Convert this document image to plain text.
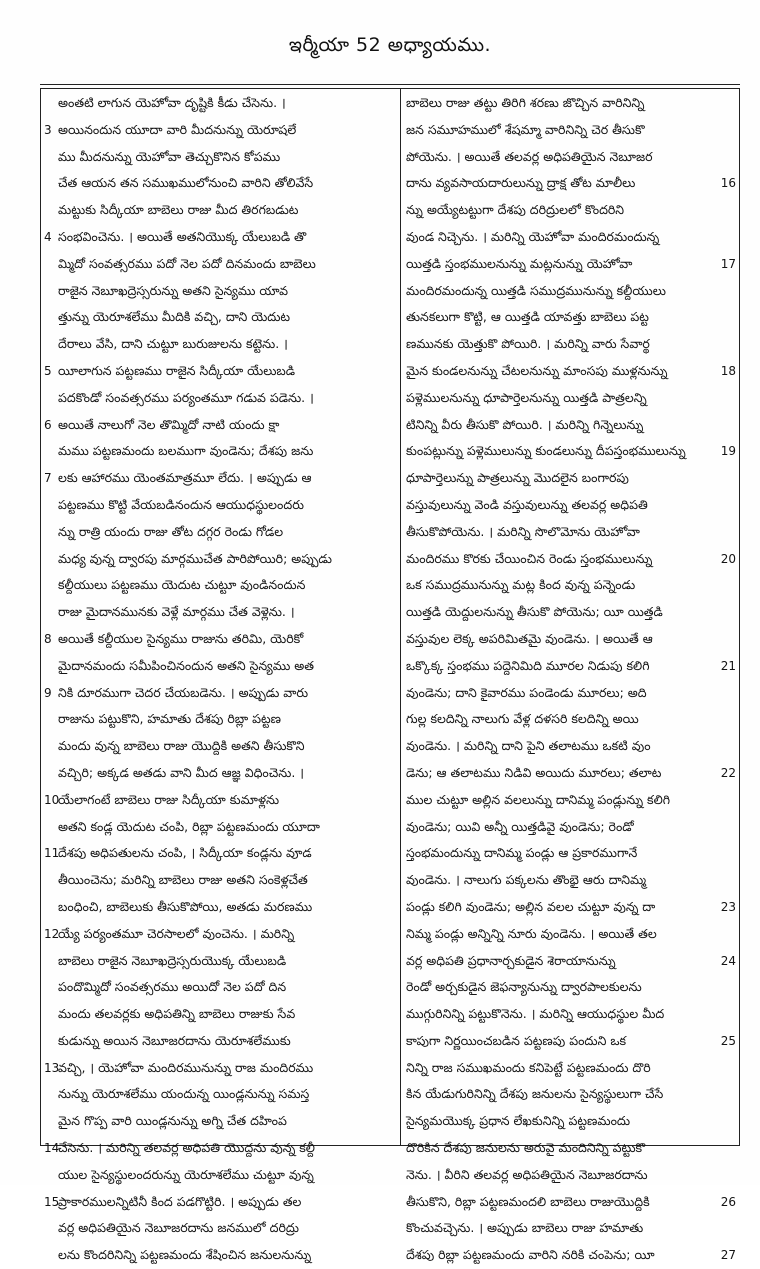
ఇర్మీయా 52 అధ్యాయము.
అంతటి లాగున యెహోవా దృష్టికి కీడు చేసెను. ।
3 అయినందున యూదా వారి మీదనున్ను యెరూషలే
ము మీదనున్ను యెహోవా తెచ్చుకొనిన కోపము
చేత ఆయన తన సముఖములోనుంచి వారిని తోలివేసే
మట్టుకు సిద్కీయా బాబెలు రాజు మీద తిరగబడుట
4 సంభవించెను. । అయితే అతనియొక్క యేలుబడి తొ
మ్మిదో సంవత్సరము పదో నెల పదో దినమందు బాబెలు
రాజైన నెబూఖద్రెస్సరున్ను అతని సైన్యము యావ
త్తున్ను యెరూశలేము మీదికి వచ్చి, దాని యెదుట
దేరాలు వేసి, దాని చుట్టూ బురుజులను కట్టెను. ।
5 యీలాగున పట్టణము రాజైన సిద్కీయా యేలుబడి
పదకొండో సంవత్సరము పర్యంతమూ గడువ పడెను. ।
6 అయితే నాలుగో నెల తొమ్మిదో నాటి యందు క్షా
మము పట్టణమందు బలముగా వుండెను; దేశపు జను
7 లకు ఆహారము యెంతమాత్రమూ లేదు. । అప్పుడు ఆ
పట్టణము కొట్టి వేయబడినందున ఆయుధస్థులందరు
న్ను రాత్రి యందు రాజు తోట దగ్గర రెండు గోడల
మధ్య వున్న ద్వారపు మార్గముచేత పారిపోయిరి; అప్పుడు
కల్దీయులు పట్టణము యెదుట చుట్టూ వుండినందున
రాజు మైదానమునకు వెళ్లే మార్గము చేత వెళ్లెను. ।
8 అయితే కల్దీయుల సైన్యము రాజును తరిమి, యెరికో
మైదానమందు సమీపించినందున అతని సైన్యము అత
9 నికి దూరముగా చెదర చేయబడెను. । అప్పుడు వారు
రాజును పట్టుకొని, హమాతు దేశపు రిబ్లా పట్టణ
మందు వున్న బాబెలు రాజు యొద్దికి అతని తీసుకొని
వచ్చిరి; అక్కడ అతడు వాని మీద ఆజ్ఞ విధించెను. ।
10
యేలాగంటే బాబెలు రాజు సిద్కీయా కుమాళ్లను
అతని కండ్ల యెదుట చంపి, రిబ్లా పట్టణమందు యూదా
11
దేశపు అధిపతులను చంపి, । సిద్కీయా కండ్లను వూడ
తీయించెను; మరిన్ని బాబెలు రాజు అతని సంకెళ్లచేత
బంధించి, బాబెలుకు తీసుకొపోయి, అతడు మరణము
12
య్యే పర్యంతమూ చెరసాలలో వుంచెను. । మరిన్ని
బాబెలు రాజైన నెబూఖద్రెస్సరుయొక్క యేలుబడి
పందొమ్మిదో సంవత్సరము అయిదో నెల పదో దిన
మందు తలవర్లకు అధిపతిన్ని బాబెలు రాజుకు సేవ
కుడున్ను అయిన నెబూజరదాను యెరూశలేముకు
13
వచ్చి, । యెహోవా మందిరమునున్ను రాజ మందిరము
నున్ను యెరూశలేము యందున్న యిండ్లనున్ను సమస్త
మైన గొప్ప వారి యిండ్లనున్ను అగ్ని చేత దహింప
14
చేసెను. । మరిన్ని తలవర్ల అధిపతి యొద్దను వున్న కల్దీ
యుల సైన్యస్థులందరున్ను యెరూశలేము చుట్టూ వున్న
15
ప్రాకారములన్నిటినీ కింద పడగొట్టిరి. । అప్పుడు తల
వర్ల అధిపతియైన నెబూజరదాను జనములో దరిద్రు
లను కొందరినిన్ని పట్టణమందు శేషించిన జనులనున్ను
బాబెలు రాజు తట్టు తిరిగి శరణు జొచ్చిన వారినిన్ని
జన సమూహములో శేషమ్మా వారినిన్ని చెర తీసుకొ
పోయెను. । అయితే తలవర్ల అధిపతియైన నెబూజర
16
దాను వ్యవసాయదారులున్ను ద్రాక్ష తోట మాలీలు
న్ను అయ్యేటట్టుగా దేశపు దరిద్రులలో కొందరిని
వుండ నిచ్చెను. । మరిన్ని యెహోవా మందిరమందున్న
17
యిత్తడి స్తంభములనున్ను మట్లనున్ను యెహోవా
మందిరమందున్న యిత్తడి సముద్రమునున్ను కల్దీయులు
తునకలుగా కొట్టి, ఆ యిత్తడి యావత్తు బాబెలు పట్ట
ణమునకు యెత్తుకొ పోయిరి. । మరిన్ని వారు సేవార్థ
18
మైన కుండలనున్ను చేటలనున్ను మాంసపు ముళ్లనున్ను
పళ్లెములనున్ను ధూపార్తెలనున్ను యిత్తడి పాత్రలన్ని
టినిన్ని వీరు తీసుకొ పోయిరి. । మరిన్ని గిన్నెలున్ను
19
కుంపట్లున్ను పళ్లెములున్ను కుండలున్ను దీపస్తంభములున్ను
ధూపార్తెలున్ను పాత్రలున్ను మొదలైన బంగారపు
వస్తువులున్ను వెండి వస్తువులున్ను తలవర్ల అధిపతి
తీసుకొపోయెను. । మరిన్ని సొలొమోను యెహోవా
20
మందిరము కొరకు చేయించిన రెండు స్తంభములున్ను
ఒక సముద్రమునున్ను మట్ల కింద వున్న పన్నెండు
యిత్తడి యెద్దులనున్ను తీసుకొ పోయెను; యీ యిత్తడి
వస్తువుల లెక్క అపరిమితమై వుండెను. । అయితే ఆ
21
ఒక్కొక్క స్తంభము పద్దెనిమిది మూరల నిడుపు కలిగి
వుండెను; దాని కైవారము పండెండు మూరలు; అది
గుల్ల కలదిన్ని నాలుగు వేళ్ల దళసరి కలదిన్ని అయి
వుండెను. । మరిన్ని దాని పైని తలాటము ఒకటి వుం
22
డెను; ఆ తలాటము నిడివి అయిదు మూరలు; తలాట
ముల చుట్టూ అల్లిన వలలున్ను దానిమ్మ పండ్లున్ను కలిగి
వుండెను; యివి అన్నీ యిత్తడివై వుండెను; రెండో
స్తంభమందున్ను దానిమ్మ పండ్లు ఆ ప్రకారముగానే
వుండెను. । నాలుగు పక్కలను తొంభై ఆరు దానిమ్మ
23
పండ్లు కలిగి వుండెను; అల్లిన వలల చుట్టూ వున్న దా
నిమ్మ పండ్లు అన్నిన్ని నూరు వుండెను. । అయితే తల
24
వర్ల అధిపతి ప్రధానార్చకుడైన శెరాయానున్ను
రెండో అర్చకుడైన జెఫన్యానున్ను ద్వారపాలకులను
ముగ్గురినిన్ని పట్టుకొనెను. । మరిన్ని ఆయుధస్థుల మీద
25
కాపుగా నిర్ణయించబడిన పట్టణపు పందుని ఒక
నిన్ని రాజ సముఖమందు కనిపెట్టే పట్టణమందు దొరి
కిన యేడుగురినిన్ని దేశపు జనులను సైన్యస్థులుగా చేసే
సైన్యమయొక్క ప్రధాన లేఖకునిన్ని పట్టణమందు
దొరికిన దేశపు జనులను అరువై మందినిన్ని పట్టుకొ
నెను. । వీరిని తలవర్ల అధిపతియైన నెబూజరదాను
26
తీసుకొని, రిబ్లా పట్టణమందలి బాబెలు రాజుయొద్దికి
కొంచువచ్చెను. । అప్పుడు బాబెలు రాజు హమాతు
27
దేశపు రిబ్లా పట్టణమందు వారిని నరికి చంపెను; యీ
